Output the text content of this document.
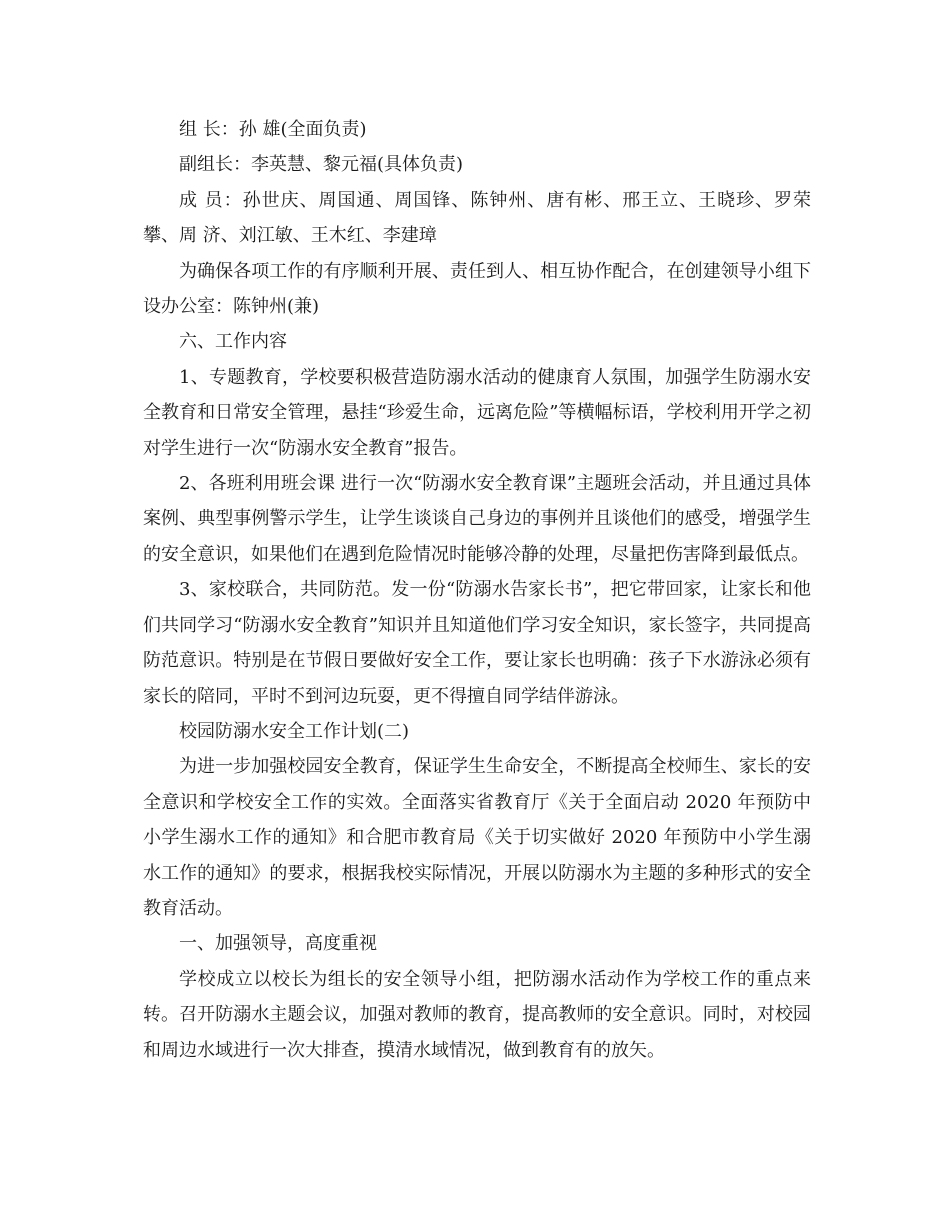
组 长：孙 雄(全面负责)

副组长：李英慧、黎元福(具体负责)

成 员：孙世庆、周国通、周国锋、陈钟州、唐有彬、邢王立、王晓珍、罗荣攀、周 济、刘江敏、王木红、李建璋

为确保各项工作的有序顺利开展、责任到人、相互协作配合，在创建领导小组下设办公室：陈钟州(兼)

六、工作内容

1、专题教育，学校要积极营造防溺水活动的健康育人氛围，加强学生防溺水安全教育和日常安全管理，悬挂“珍爱生命，远离危险”等横幅标语，学校利用开学之初对学生进行一次“防溺水安全教育”报告。

2、各班利用班会课 进行一次“防溺水安全教育课”主题班会活动，并且通过具体案例、典型事例警示学生，让学生谈谈自己身边的事例并且谈他们的感受，增强学生的安全意识，如果他们在遇到危险情况时能够冷静的处理，尽量把伤害降到最低点。

3、家校联合，共同防范。发一份“防溺水告家长书”，把它带回家，让家长和他们共同学习“防溺水安全教育”知识并且知道他们学习安全知识，家长签字，共同提高防范意识。特别是在节假日要做好安全工作，要让家长也明确：孩子下水游泳必须有家长的陪同，平时不到河边玩耍，更不得擅自同学结伴游泳。

校园防溺水安全工作计划(二)

为进一步加强校园安全教育，保证学生生命安全，不断提高全校师生、家长的安全意识和学校安全工作的实效。全面落实省教育厅《关于全面启动 2020 年预防中小学生溺水工作的通知》和合肥市教育局《关于切实做好 2020 年预防中小学生溺水工作的通知》的要求，根据我校实际情况，开展以防溺水为主题的多种形式的安全教育活动。

一、加强领导，高度重视

学校成立以校长为组长的安全领导小组，把防溺水活动作为学校工作的重点来转。召开防溺水主题会议，加强对教师的教育，提高教师的安全意识。同时，对校园和周边水域进行一次大排查，摸清水域情况，做到教育有的放矢。
